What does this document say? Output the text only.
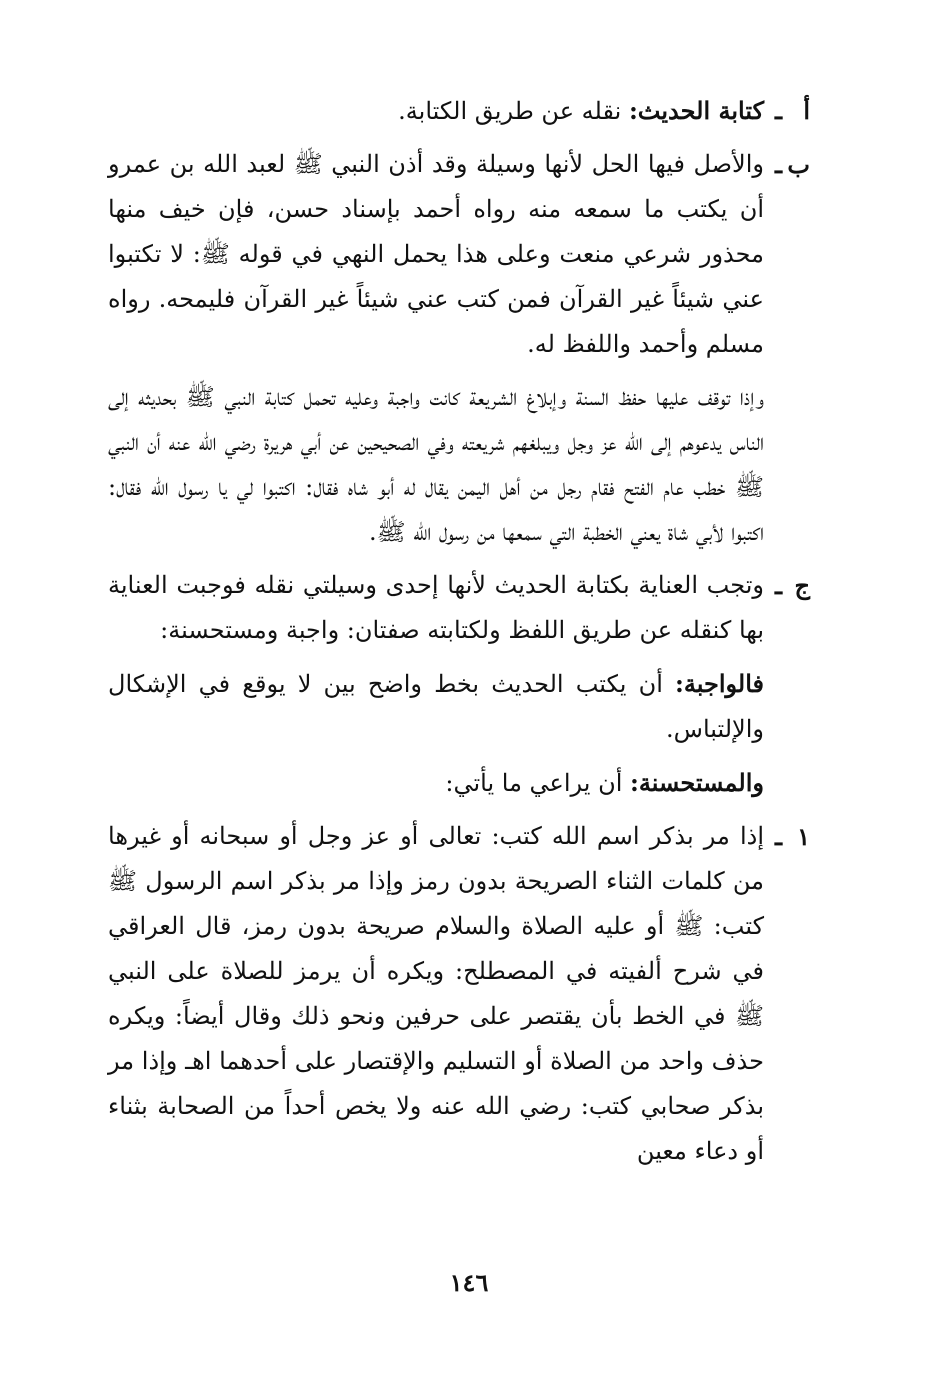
أ
ـ
كتابة الحديث: نقله عن طريق الكتابة.
ب
ـ
والأصل فيها الحل لأنها وسيلة وقد أذن النبي ﷺ لعبد الله بن عمرو أن يكتب ما سمعه منه رواه أحمد بإسناد حسن، فإن خيف منها محذور شرعي منعت وعلى هذا يحمل النهي في قوله ﷺ: لا تكتبوا عني شيئاً غير القرآن فمن كتب عني شيئاً غير القرآن فليمحه. رواه مسلم وأحمد واللفظ له.
وإذا توقف عليها حفظ السنة وإبلاغ الشريعة كانت واجبة وعليه تحمل كتابة النبي ﷺ بحديثه إلى الناس يدعوهم إلى الله عز وجل ويبلغهم شريعته وفي الصحيحين عن أبي هريرة رضي الله عنه أن النبي ﷺ خطب عام الفتح فقام رجل من أهل اليمن يقال له أبو شاه فقال: اكتبوا لي يا رسول الله فقال: اكتبوا لأبي شاة يعني الخطبة التي سمعها من رسول الله ﷺ.
ج
ـ
وتجب العناية بكتابة الحديث لأنها إحدى وسيلتي نقله فوجبت العناية بها كنقله عن طريق اللفظ ولكتابته صفتان: واجبة ومستحسنة:
فالواجبة: أن يكتب الحديث بخط واضح بين لا يوقع في الإشكال والإلتباس.
والمستحسنة: أن يراعي ما يأتي:
١
ـ
إذا مر بذكر اسم الله كتب: تعالى أو عز وجل أو سبحانه أو غيرها من كلمات الثناء الصريحة بدون رمز وإذا مر بذكر اسم الرسول ﷺ كتب: ﷺ أو عليه الصلاة والسلام صريحة بدون رمز، قال العراقي في شرح ألفيته في المصطلح: ويكره أن يرمز للصلاة على النبي ﷺ في الخط بأن يقتصر على حرفين ونحو ذلك وقال أيضاً: ويكره حذف واحد من الصلاة أو التسليم والإقتصار على أحدهما اهـ وإذا مر بذكر صحابي كتب: رضي الله عنه ولا يخص أحداً من الصحابة بثناء أو دعاء معين
١٤٦
